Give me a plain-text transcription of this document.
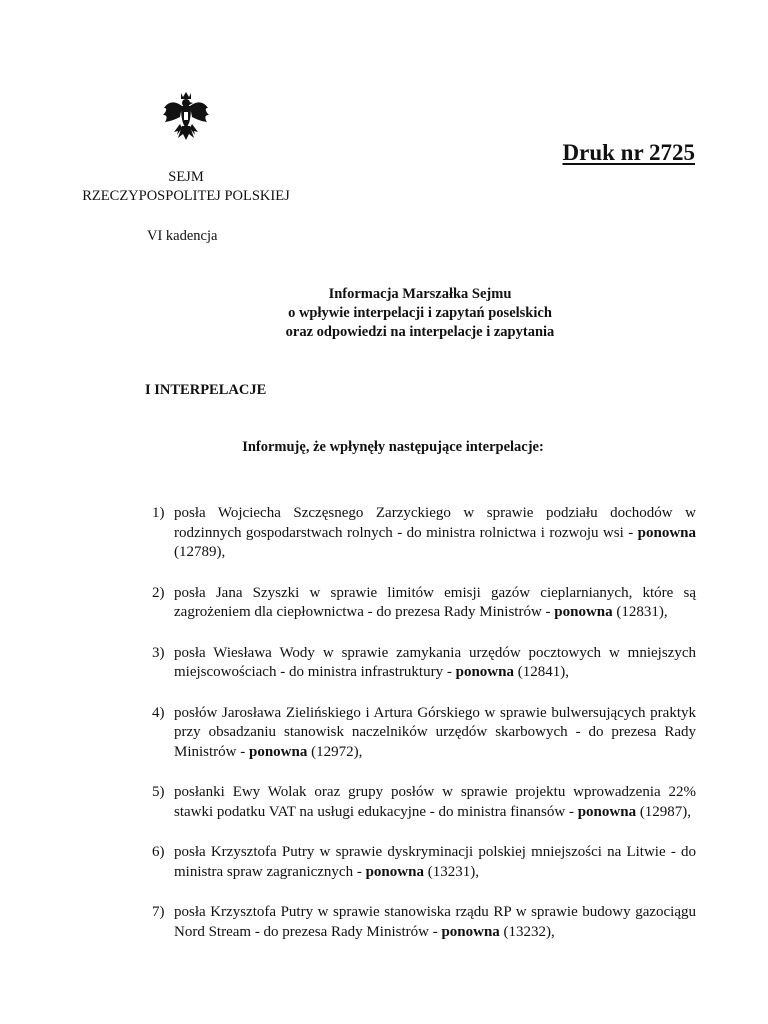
Druk nr 2725
SEJM
RZECZYPOSPOLITEJ POLSKIEJ
VI kadencja
Informacja Marszałka Sejmu
o wpływie interpelacji i zapytań poselskich
oraz odpowiedzi na interpelacje i zapytania
I INTERPELACJE
Informuję, że wpłynęły następujące interpelacje:
1) posła Wojciecha Szczęsnego Zarzyckiego w sprawie podziału dochodów w rodzinnych gospodarstwach rolnych - do ministra rolnictwa i rozwoju wsi - ponowna (12789),
2) posła Jana Szyszki w sprawie limitów emisji gazów cieplarnianych, które są zagrożeniem dla ciepłownictwa - do prezesa Rady Ministrów - ponowna (12831),
3) posła Wiesława Wody w sprawie zamykania urzędów pocztowych w mniejszych miejscowościach - do ministra infrastruktury - ponowna (12841),
4) posłów Jarosława Zielińskiego i Artura Górskiego w sprawie bulwersujących praktyk przy obsadzaniu stanowisk naczelników urzędów skarbowych - do prezesa Rady Ministrów - ponowna (12972),
5) posłanki Ewy Wolak oraz grupy posłów w sprawie projektu wprowadzenia 22% stawki podatku VAT na usługi edukacyjne - do ministra finansów - ponowna (12987),
6) posła Krzysztofa Putry w sprawie dyskryminacji polskiej mniejszości na Litwie - do ministra spraw zagranicznych - ponowna (13231),
7) posła Krzysztofa Putry w sprawie stanowiska rządu RP w sprawie budowy gazociągu Nord Stream - do prezesa Rady Ministrów - ponowna (13232),
